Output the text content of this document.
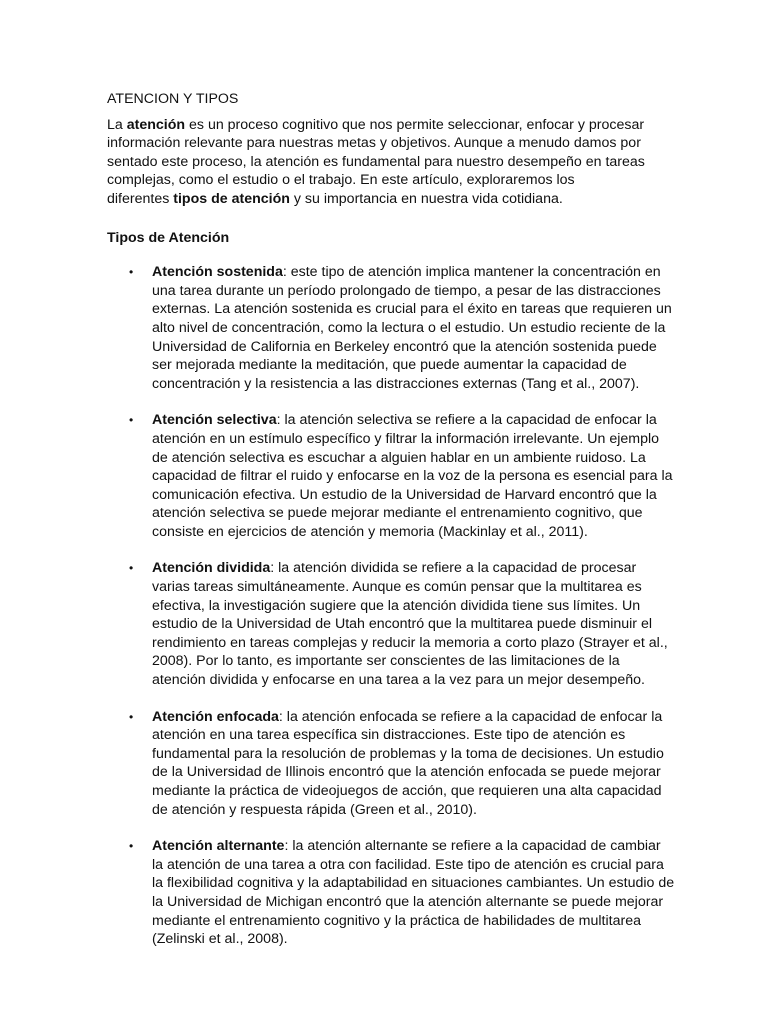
ATENCION Y TIPOS

La atención es un proceso cognitivo que nos permite seleccionar, enfocar y procesar
información relevante para nuestras metas y objetivos. Aunque a menudo damos por
sentado este proceso, la atención es fundamental para nuestro desempeño en tareas
complejas, como el estudio o el trabajo. En este artículo, exploraremos los
diferentes tipos de atención y su importancia en nuestra vida cotidiana.

Tipos de Atención
• Atención sostenida: este tipo de atención implica mantener la concentración en
una tarea durante un período prolongado de tiempo, a pesar de las distracciones
externas. La atención sostenida es crucial para el éxito en tareas que requieren un
alto nivel de concentración, como la lectura o el estudio. Un estudio reciente de la
Universidad de California en Berkeley encontró que la atención sostenida puede
ser mejorada mediante la meditación, que puede aumentar la capacidad de
concentración y la resistencia a las distracciones externas (Tang et al., 2007).
• Atención selectiva: la atención selectiva se refiere a la capacidad de enfocar la
atención en un estímulo específico y filtrar la información irrelevante. Un ejemplo
de atención selectiva es escuchar a alguien hablar en un ambiente ruidoso. La
capacidad de filtrar el ruido y enfocarse en la voz de la persona es esencial para la
comunicación efectiva. Un estudio de la Universidad de Harvard encontró que la
atención selectiva se puede mejorar mediante el entrenamiento cognitivo, que
consiste en ejercicios de atención y memoria (Mackinlay et al., 2011).
• Atención dividida: la atención dividida se refiere a la capacidad de procesar
varias tareas simultáneamente. Aunque es común pensar que la multitarea es
efectiva, la investigación sugiere que la atención dividida tiene sus límites. Un
estudio de la Universidad de Utah encontró que la multitarea puede disminuir el
rendimiento en tareas complejas y reducir la memoria a corto plazo (Strayer et al.,
2008). Por lo tanto, es importante ser conscientes de las limitaciones de la
atención dividida y enfocarse en una tarea a la vez para un mejor desempeño.
• Atención enfocada: la atención enfocada se refiere a la capacidad de enfocar la
atención en una tarea específica sin distracciones. Este tipo de atención es
fundamental para la resolución de problemas y la toma de decisiones. Un estudio
de la Universidad de Illinois encontró que la atención enfocada se puede mejorar
mediante la práctica de videojuegos de acción, que requieren una alta capacidad
de atención y respuesta rápida (Green et al., 2010).
• Atención alternante: la atención alternante se refiere a la capacidad de cambiar
la atención de una tarea a otra con facilidad. Este tipo de atención es crucial para
la flexibilidad cognitiva y la adaptabilidad en situaciones cambiantes. Un estudio de
la Universidad de Michigan encontró que la atención alternante se puede mejorar
mediante el entrenamiento cognitivo y la práctica de habilidades de multitarea
(Zelinski et al., 2008).
